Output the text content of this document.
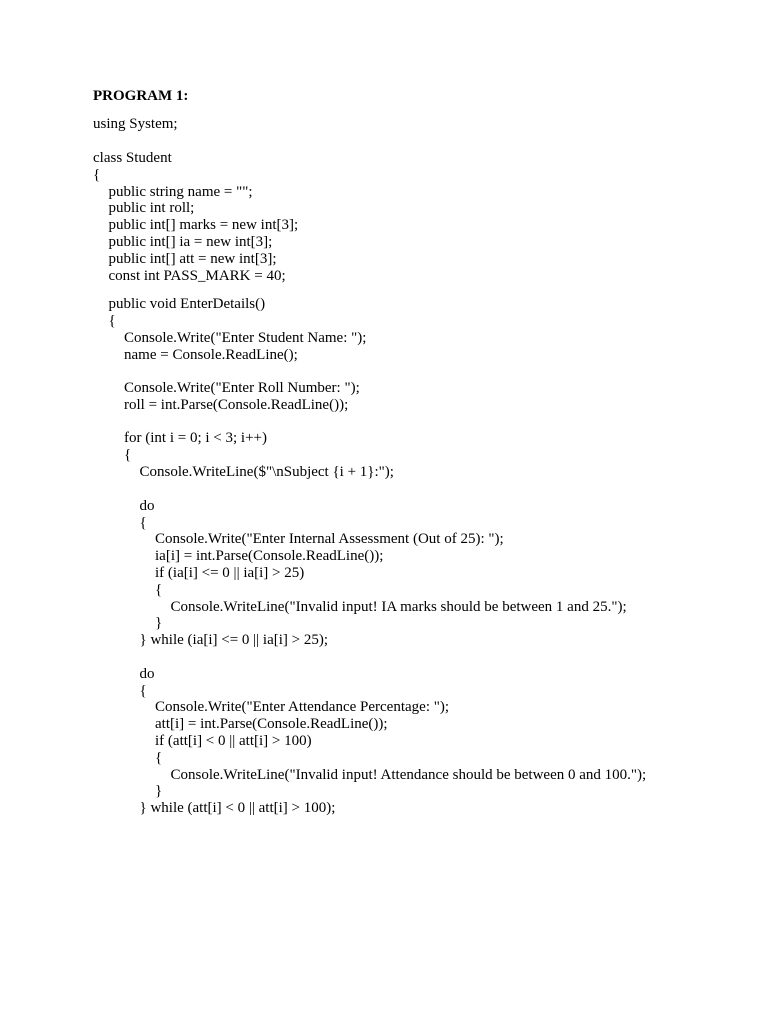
PROGRAM 1:
using System;
class Student
{
public string name = "";
public int roll;
public int[] marks = new int[3];
public int[] ia = new int[3];
public int[] att = new int[3];
const int PASS_MARK = 40;
public void EnterDetails()
{
Console.Write("Enter Student Name: ");
name = Console.ReadLine();
Console.Write("Enter Roll Number: ");
roll = int.Parse(Console.ReadLine());
for (int i = 0; i < 3; i++)
{
Console.WriteLine($"\nSubject {i + 1}:");
do
{
Console.Write("Enter Internal Assessment (Out of 25): ");
ia[i] = int.Parse(Console.ReadLine());
if (ia[i] <= 0 || ia[i] > 25)
{
Console.WriteLine("Invalid input! IA marks should be between 1 and 25.");
}
} while (ia[i] <= 0 || ia[i] > 25);
do
{
Console.Write("Enter Attendance Percentage: ");
att[i] = int.Parse(Console.ReadLine());
if (att[i] < 0 || att[i] > 100)
{
Console.WriteLine("Invalid input! Attendance should be between 0 and 100.");
}
} while (att[i] < 0 || att[i] > 100);
